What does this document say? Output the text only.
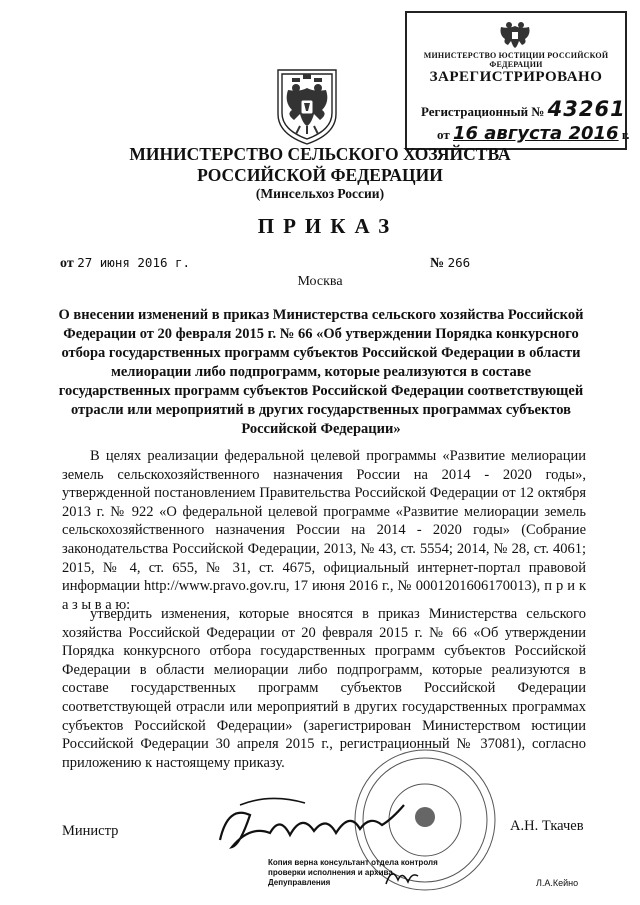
МИНИСТЕРСТВО ЮСТИЦИИ РОССИЙСКОЙ ФЕДЕРАЦИИ
ЗАРЕГИСТРИРОВАНО
Регистрационный № 43261
от 16 августа 2016 г.
МИНИСТЕРСТВО СЕЛЬСКОГО ХОЗЯЙСТВА
РОССИЙСКОЙ ФЕДЕРАЦИИ
(Минсельхоз России)
ПРИКАЗ
от 27 июня 2016 г.	№ 266
Москва
О внесении изменений в приказ Министерства сельского хозяйства Российской Федерации от 20 февраля 2015 г. № 66 «Об утверждении Порядка конкурсного отбора государственных программ субъектов Российской Федерации в области мелиорации либо подпрограмм, которые реализуются в составе государственных программ субъектов Российской Федерации соответствующей отрасли или мероприятий в других государственных программах субъектов Российской Федерации»

В целях реализации федеральной целевой программы «Развитие мелиорации земель сельскохозяйственного назначения России на 2014 - 2020 годы», утвержденной постановлением Правительства Российской Федерации от 12 октября 2013 г. № 922 «О федеральной целевой программе «Развитие мелиорации земель сельскохозяйственного назначения России на 2014 - 2020 годы» (Собрание законодательства Российской Федерации, 2013, № 43, ст. 5554; 2014, № 28, ст. 4061; 2015, № 4, ст. 655, № 31, ст. 4675, официальный интернет-портал правовой информации http://www.pravo.gov.ru, 17 июня 2016 г., № 0001201606170013), п р и к а з ы в а ю:

утвердить изменения, которые вносятся в приказ Министерства сельского хозяйства Российской Федерации от 20 февраля 2015 г. № 66 «Об утверждении Порядка конкурсного отбора государственных программ субъектов Российской Федерации в области мелиорации либо подпрограмм, которые реализуются в составе государственных программ субъектов Российской Федерации соответствующей отрасли или мероприятий в других государственных программах субъектов Российской Федерации» (зарегистрирован Министерством юстиции Российской Федерации 30 апреля 2015 г., регистрационный № 37081), согласно приложению к настоящему приказу.

Министр	А.Н. Ткачев
Копия верна консультант отдела контроля
проверки исполнения и архива
Депуправления	Л.А.Кейно
